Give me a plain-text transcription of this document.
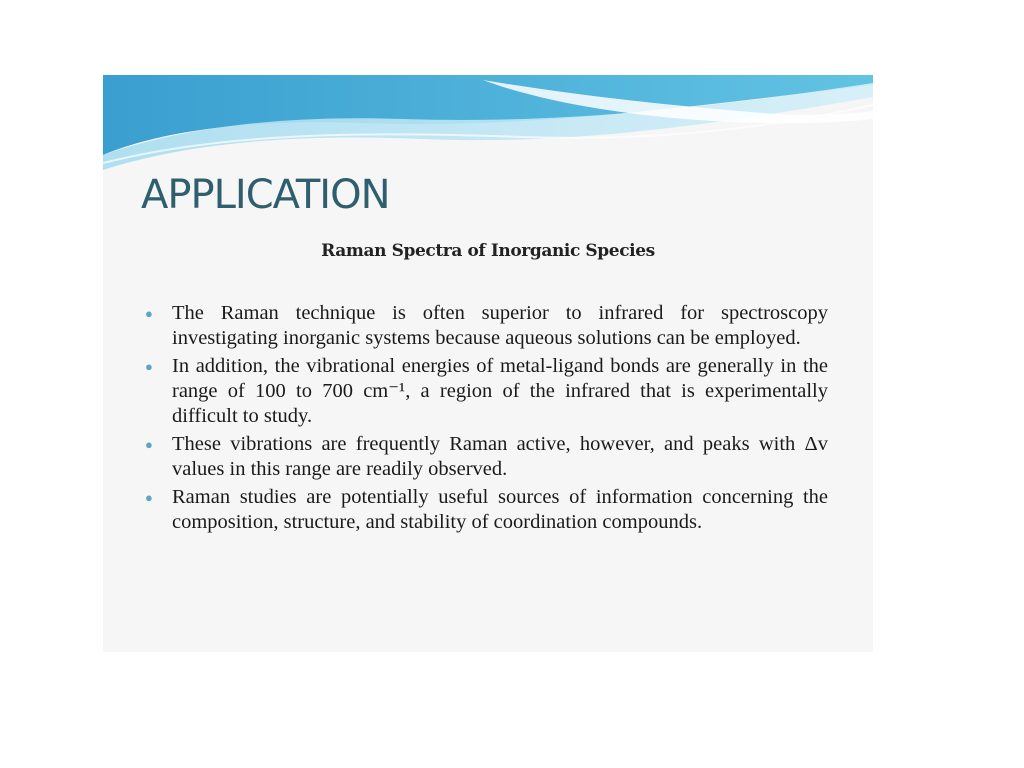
APPLICATION
Raman Spectra of Inorganic Species
● The Raman technique is often superior to infrared for spectroscopy investigating inorganic systems because aqueous solutions can be employed.
● In addition, the vibrational energies of metal-ligand bonds are generally in the range of 100 to 700 cm⁻¹, a region of the infrared that is experimentally difficult to study.
● These vibrations are frequently Raman active, however, and peaks with Δv values in this range are readily observed.
● Raman studies are potentially useful sources of information concerning the composition, structure, and stability of coordination compounds.
